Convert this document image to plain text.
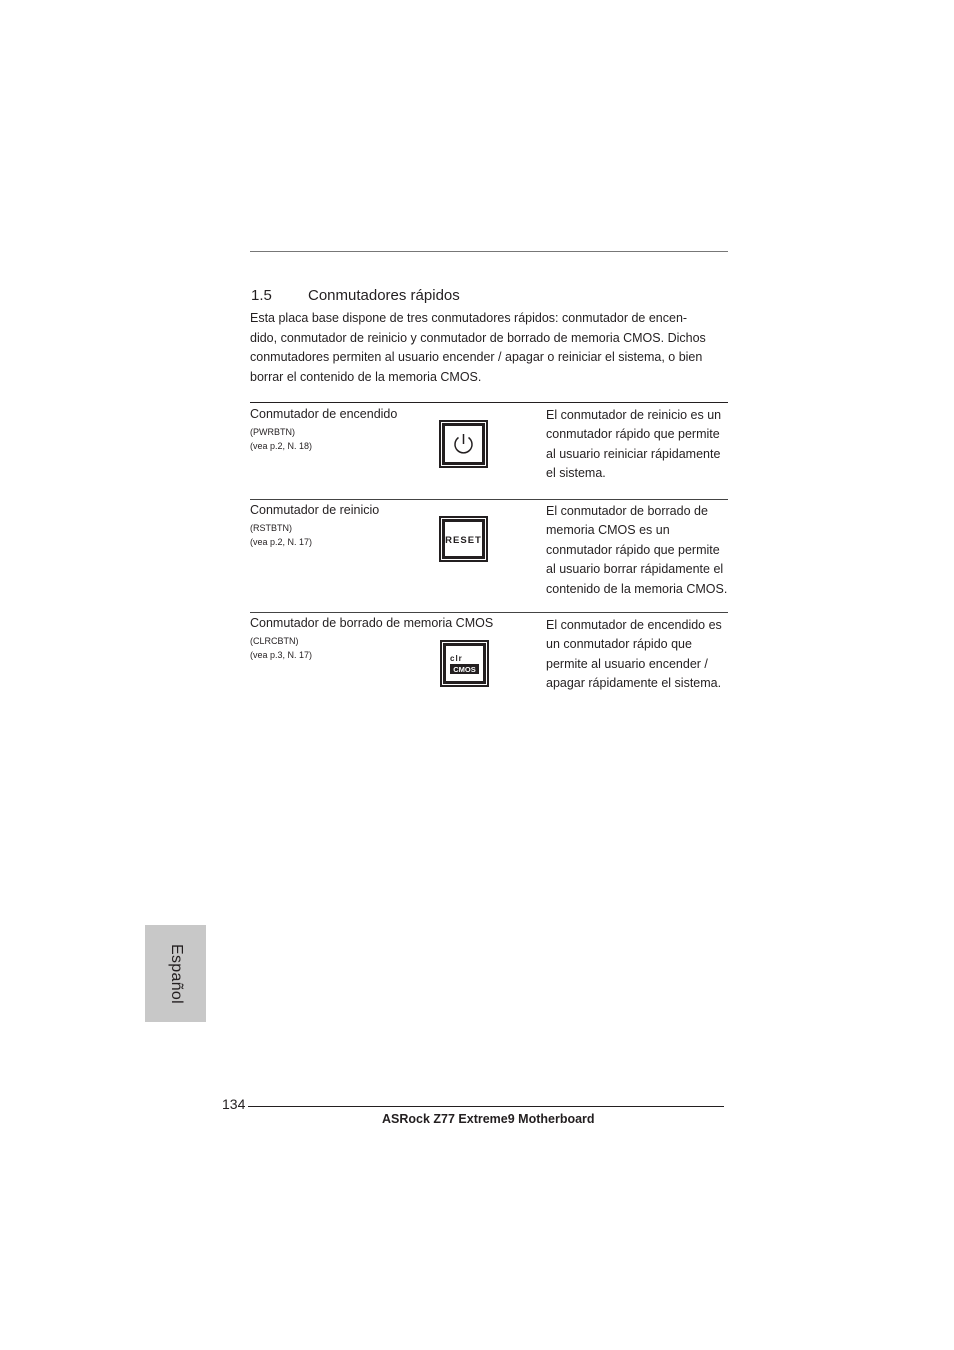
1.5 Conmutadores rápidos
Esta placa base dispone de tres conmutadores rápidos: conmutador de encen-
dido, conmutador de reinicio y conmutador de borrado de memoria CMOS. Dichos
conmutadores permiten al usuario encender / apagar o reiniciar el sistema, o bien
borrar el contenido de la memoria CMOS.
Conmutador de encendido
(PWRBTN)
(vea p.2, N. 18)
El conmutador de reinicio es un
conmutador rápido que permite
al usuario reiniciar rápidamente
el sistema.
Conmutador de reinicio
(RSTBTN)
(vea p.2, N. 17)	RESET
El conmutador de borrado de
memoria CMOS es un
conmutador rápido que permite
al usuario borrar rápidamente el
contenido de la memoria CMOS.
Conmutador de borrado de memoria CMOS
(CLRCBTN)
(vea p.3, N. 17)	clr
CMOS
El conmutador de encendido es
un conmutador rápido que
permite al usuario encender /
apagar rápidamente el sistema.
Español
134
ASRock Z77 Extreme9 Motherboard
